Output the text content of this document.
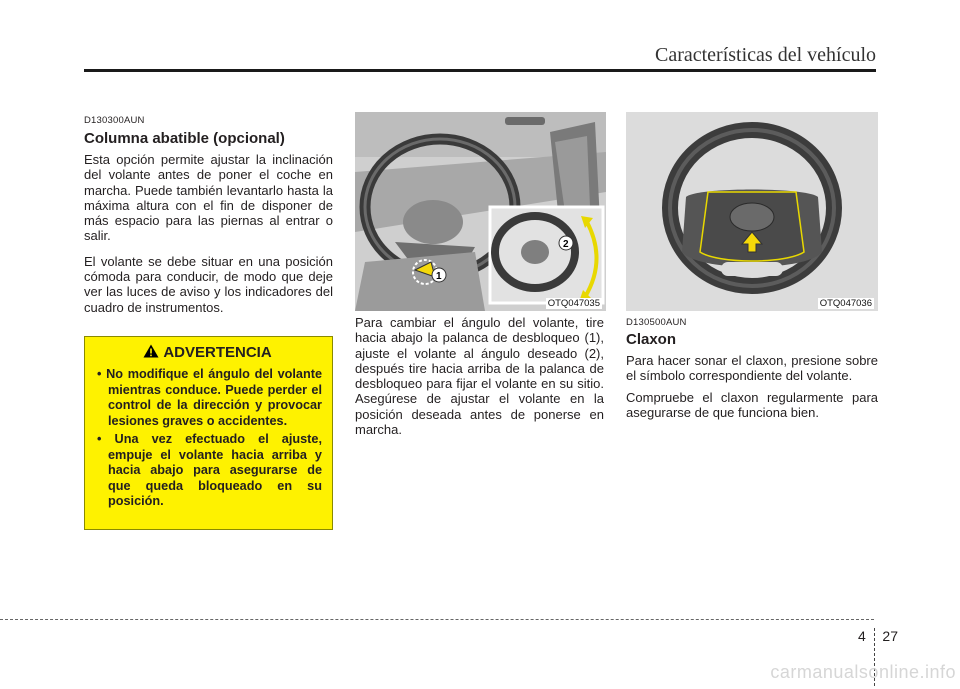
Características del vehículo
D130300AUN
Columna abatible (opcional)

Esta opción permite ajustar la inclinación del volante antes de poner el coche en marcha. Puede también levantarlo hasta la máxima altura con el fin de disponer de más espacio para las piernas al entrar o salir.

El volante se debe situar en una posición cómoda para conducir, de modo que deje ver las luces de aviso y los indicadores del cuadro de instrumentos.

ADVERTENCIA
• No modifique el ángulo del volante mientras conduce. Puede perder el control de la dirección y provocar lesiones graves o accidentes.
• Una vez efectuado el ajuste, empuje el volante hacia arriba y hacia abajo para asegurarse de que queda bloqueado en su posición.
1
2
OTQ047035	OTQ047036

Para cambiar el ángulo del volante, tire hacia abajo la palanca de desbloqueo (1), ajuste el volante al ángulo deseado (2), después tire hacia arriba de la palanca de desbloqueo para fijar el volante en su sitio. Asegúrese de ajustar el volante en la posición deseada antes de ponerse en marcha.

D130500AUN
Claxon

Para hacer sonar el claxon, presione sobre el símbolo correspondiente del volante.

Compruebe el claxon regularmente para asegurarse de que funciona bien.

4 27
carmanualsonline.info
